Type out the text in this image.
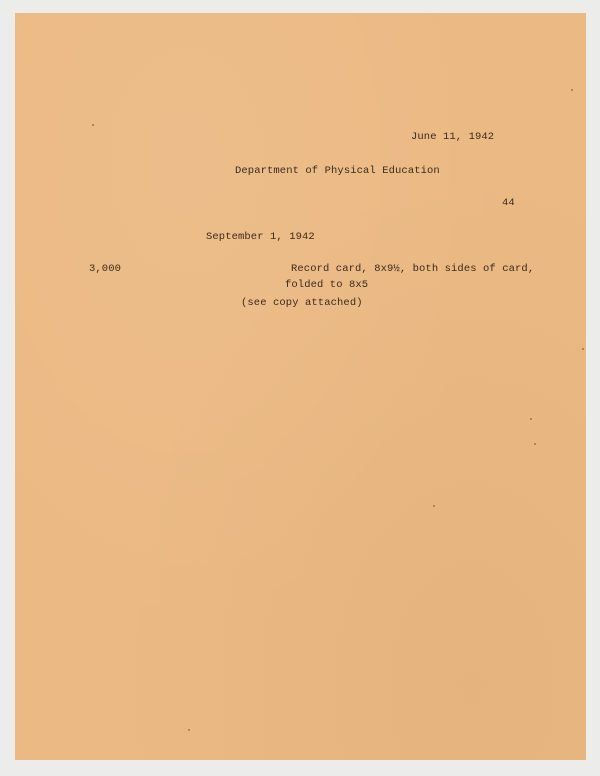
June 11, 1942
Department of Physical Education
44
September 1, 1942
3,000	Record card, 8x9½, both sides of card,
folded to 8x5
(see copy attached)
